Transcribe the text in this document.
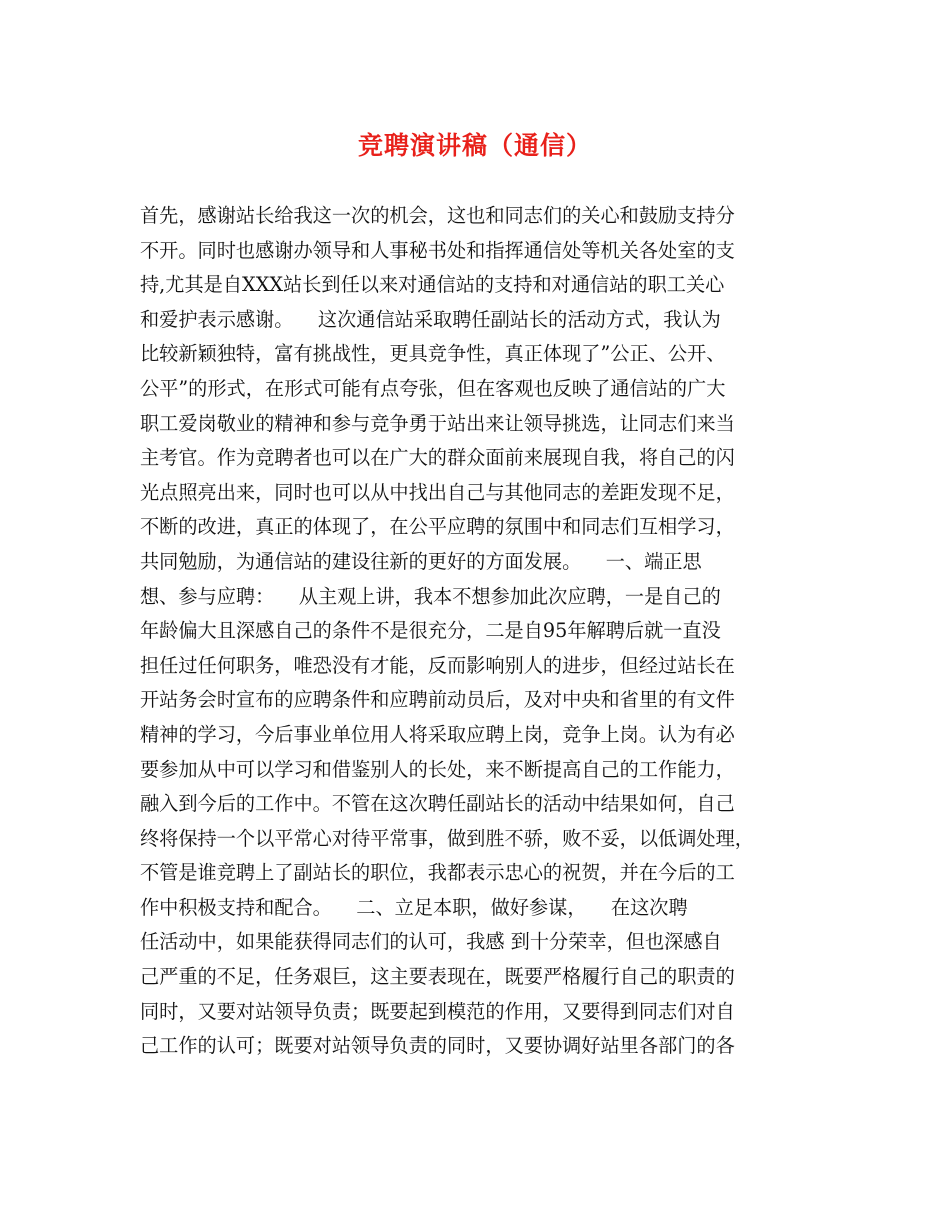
竞聘演讲稿（通信）
首先，感谢站长给我这一次的机会，这也和同志们的关心和鼓励支持分
不开。同时也感谢办领导和人事秘书处和指挥通信处等机关各处室的支
持,尤其是自XXX站长到任以来对通信站的支持和对通信站的职工关心
和爱护表示感谢。    这次通信站采取聘任副站长的活动方式，我认为
比较新颖独特，富有挑战性，更具竞争性，真正体现了”公正、公开、
公平”的形式，在形式可能有点夸张，但在客观也反映了通信站的广大
职工爱岗敬业的精神和参与竞争勇于站出来让领导挑选，让同志们来当
主考官。作为竞聘者也可以在广大的群众面前来展现自我，将自己的闪
光点照亮出来，同时也可以从中找出自己与其他同志的差距发现不足，
不断的改进，真正的体现了，在公平应聘的氛围中和同志们互相学习，
共同勉励，为通信站的建设往新的更好的方面发展。    一、端正思
想、参与应聘：    从主观上讲，我本不想参加此次应聘，一是自己的
年龄偏大且深感自己的条件不是很充分，二是自95年解聘后就一直没
担任过任何职务，唯恐没有才能，反而影响别人的进步，但经过站长在
开站务会时宣布的应聘条件和应聘前动员后，及对中央和省里的有文件
精神的学习，今后事业单位用人将采取应聘上岗，竞争上岗。认为有必
要参加从中可以学习和借鉴别人的长处，来不断提高自己的工作能力，
融入到今后的工作中。不管在这次聘任副站长的活动中结果如何，自己
终将保持一个以平常心对待平常事，做到胜不骄，败不妥，以低调处理，
不管是谁竞聘上了副站长的职位，我都表示忠心的祝贺，并在今后的工
作中积极支持和配合。    二、立足本职，做好参谋，    在这次聘
任活动中，如果能获得同志们的认可，我感 到十分荣幸，但也深感自
己严重的不足，任务艰巨，这主要表现在，既要严格履行自己的职责的
同时，又要对站领导负责；既要起到模范的作用，又要得到同志们对自
己工作的认可；既要对站领导负责的同时，又要协调好站里各部门的各
